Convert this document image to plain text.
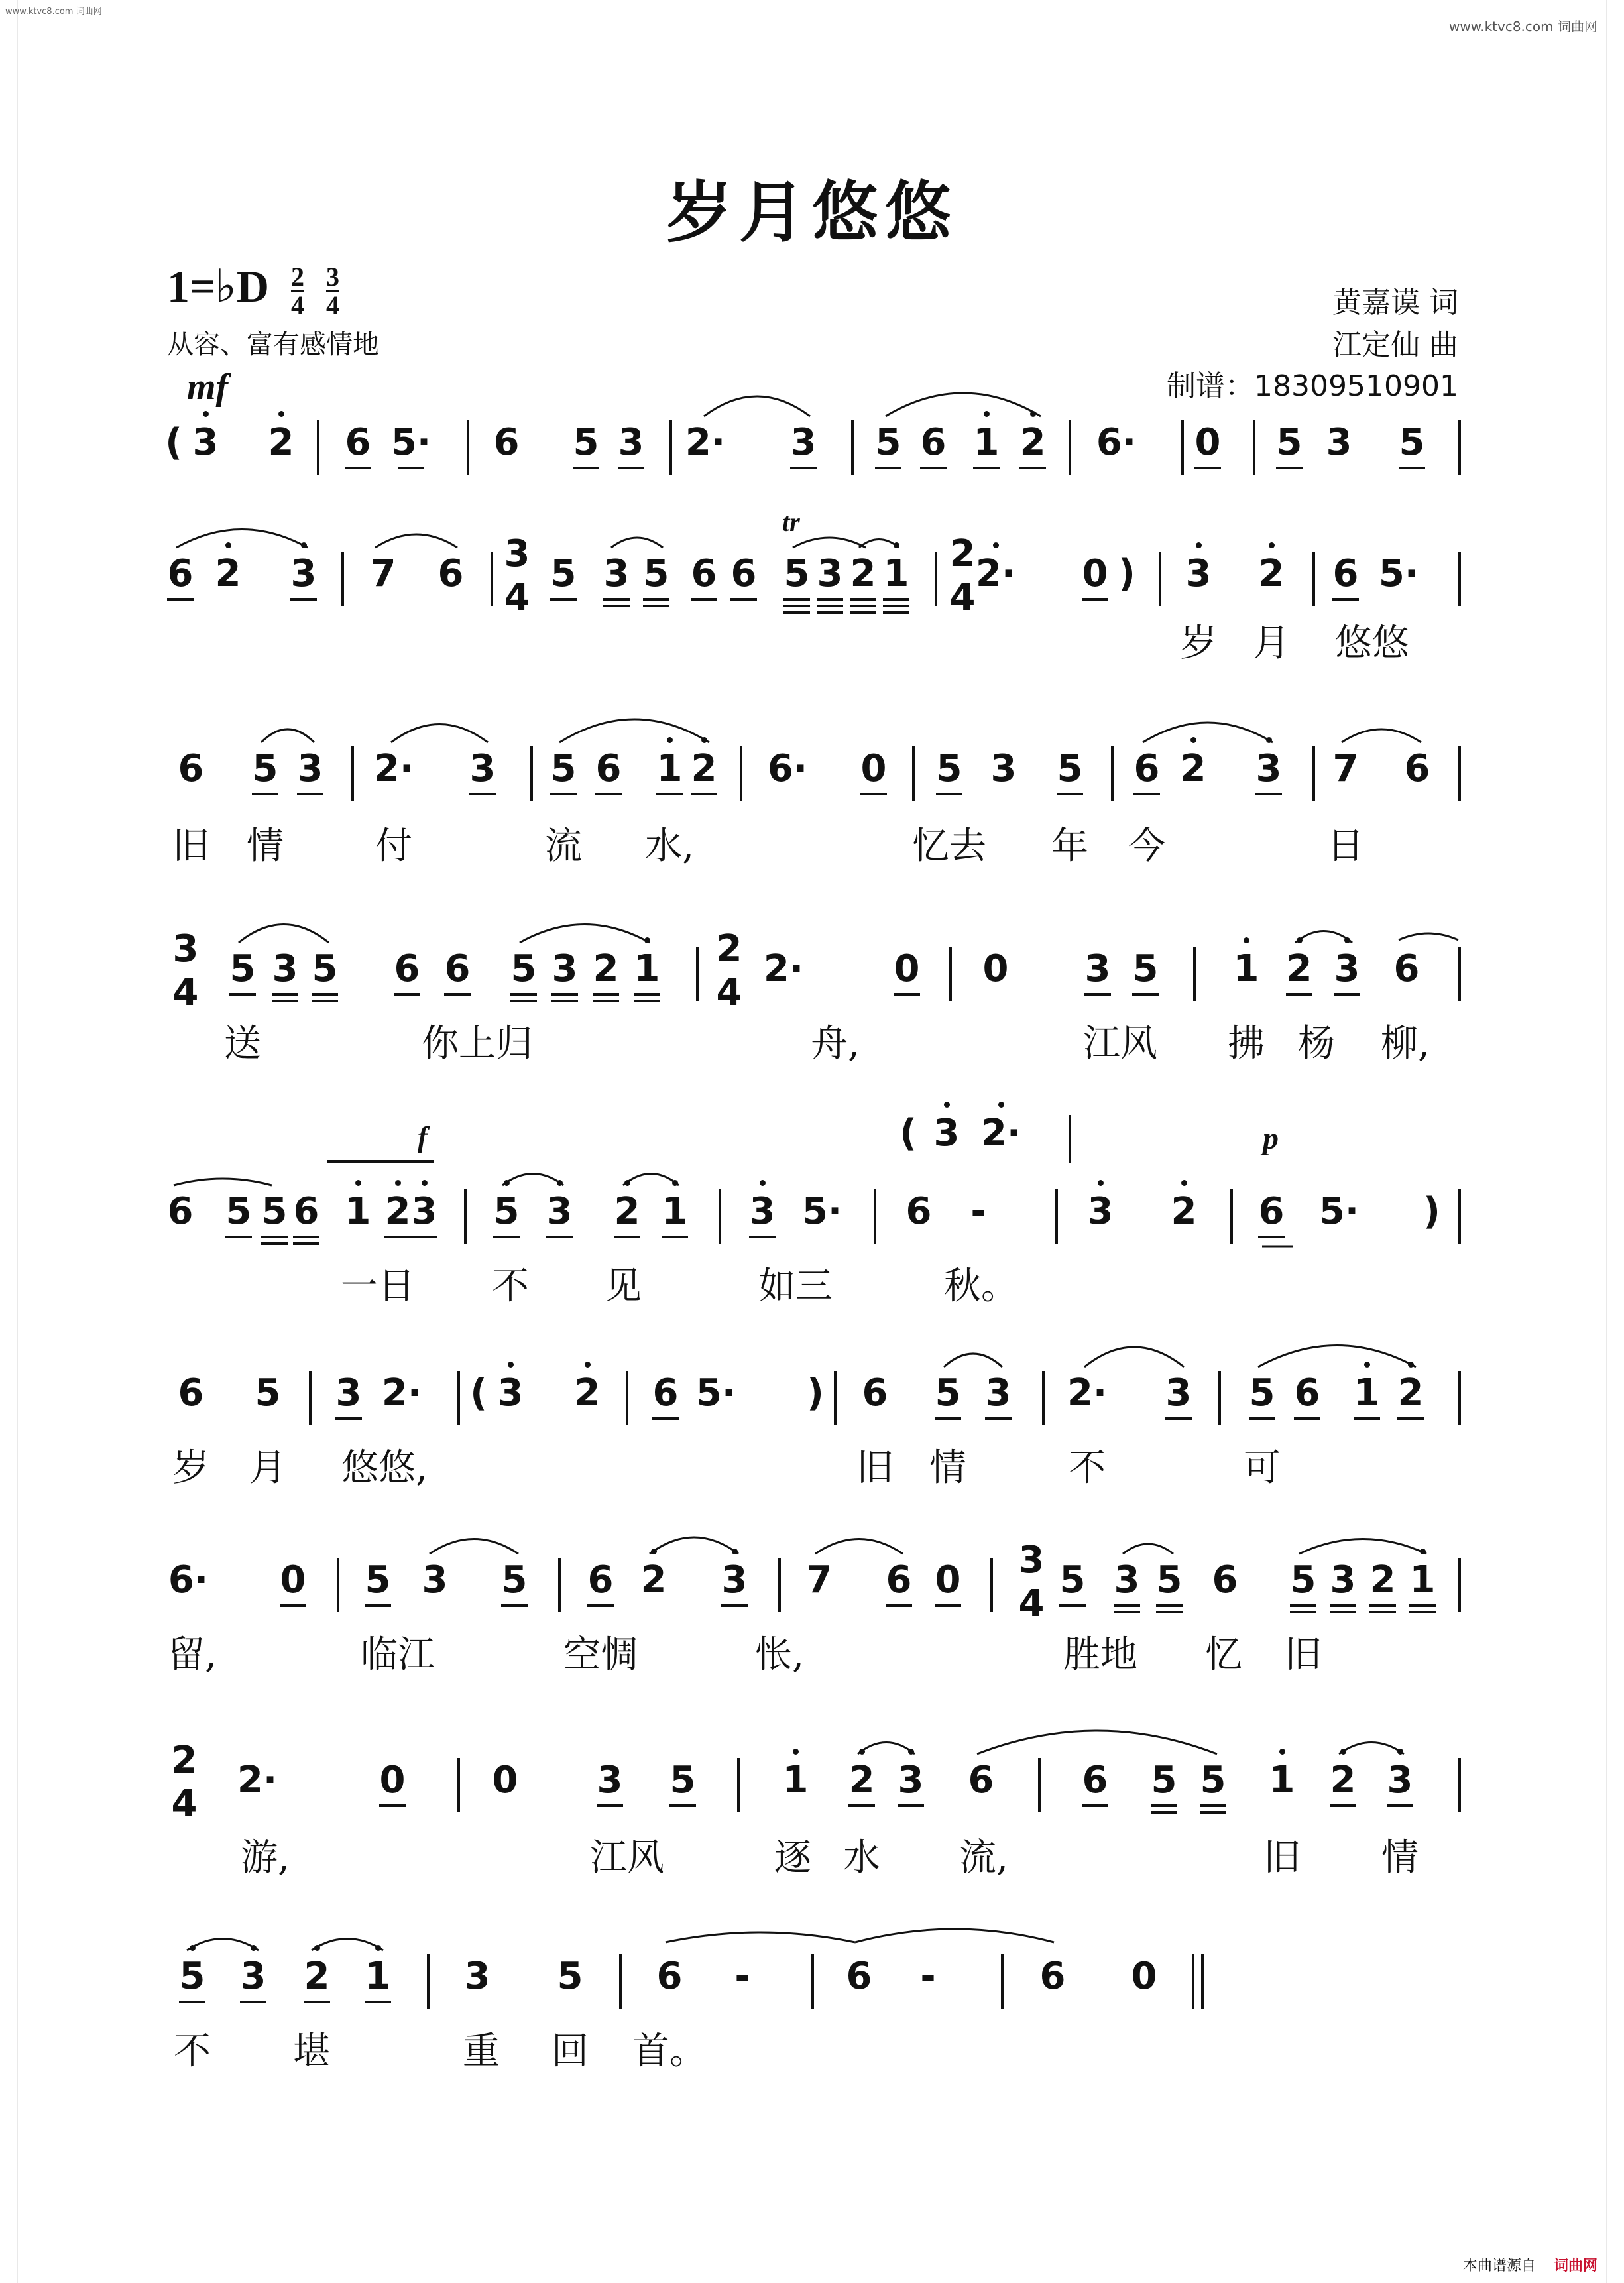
www.ktvc8.com 词曲网
www.ktvc8.com 词曲网
岁月悠悠
1=♭D $\frac{2}{4}$
$\frac{3}{4}$
从容、富有感情地
黄嘉谟 词
江定仙 曲
制谱：18309510901
mf
tr
p
f
( 3 2 6 5· 6 5 3 2· 3 5 6 1 2 6· 0 5 3 5
6 2 3 7 6 5 3 5 6 6 5 3 2 1 2· 0 3 2 6 5·
)
3
4
2
4
岁 月 悠悠
6 5 3 2· 3 5 6 1 2 6· 0 5 3 5 6 2 3 7 6
旧 情 付	流 水,	忆去 年 今	日
5 3 5 6 6 5 3 2 1	2· 0 0 3 5 1 2 3 6
3
4
2
4
送	你上归	舟,	江风 拂 杨 柳,
6 5 5 6 1 2 3 5 3 2 1 3 5· 6 -	3 2 6 5· )
( 3 2·
一日 不 见	如三	秋。
6 5 3 2· 3 2 6 5·	6 5 3 2· 3 5 6 1 2
(	)
岁 月 悠悠,	旧 情	不	可
6· 0 5 3 5 6 2 3 7 6 0	5 3 5 6 5 3 2 1
3
4
留,	临江	空惆	怅,	胜地 忆 旧
2·	0 0 3 5 1 2 3 6 6 5 5 1 2 3
2
4
游,	江风	逐 水 流,	旧 情
5 3 2 1 3 5 6 -	6 -	6 0
不 堪	重 回 首。
本曲谱源自 词曲网
